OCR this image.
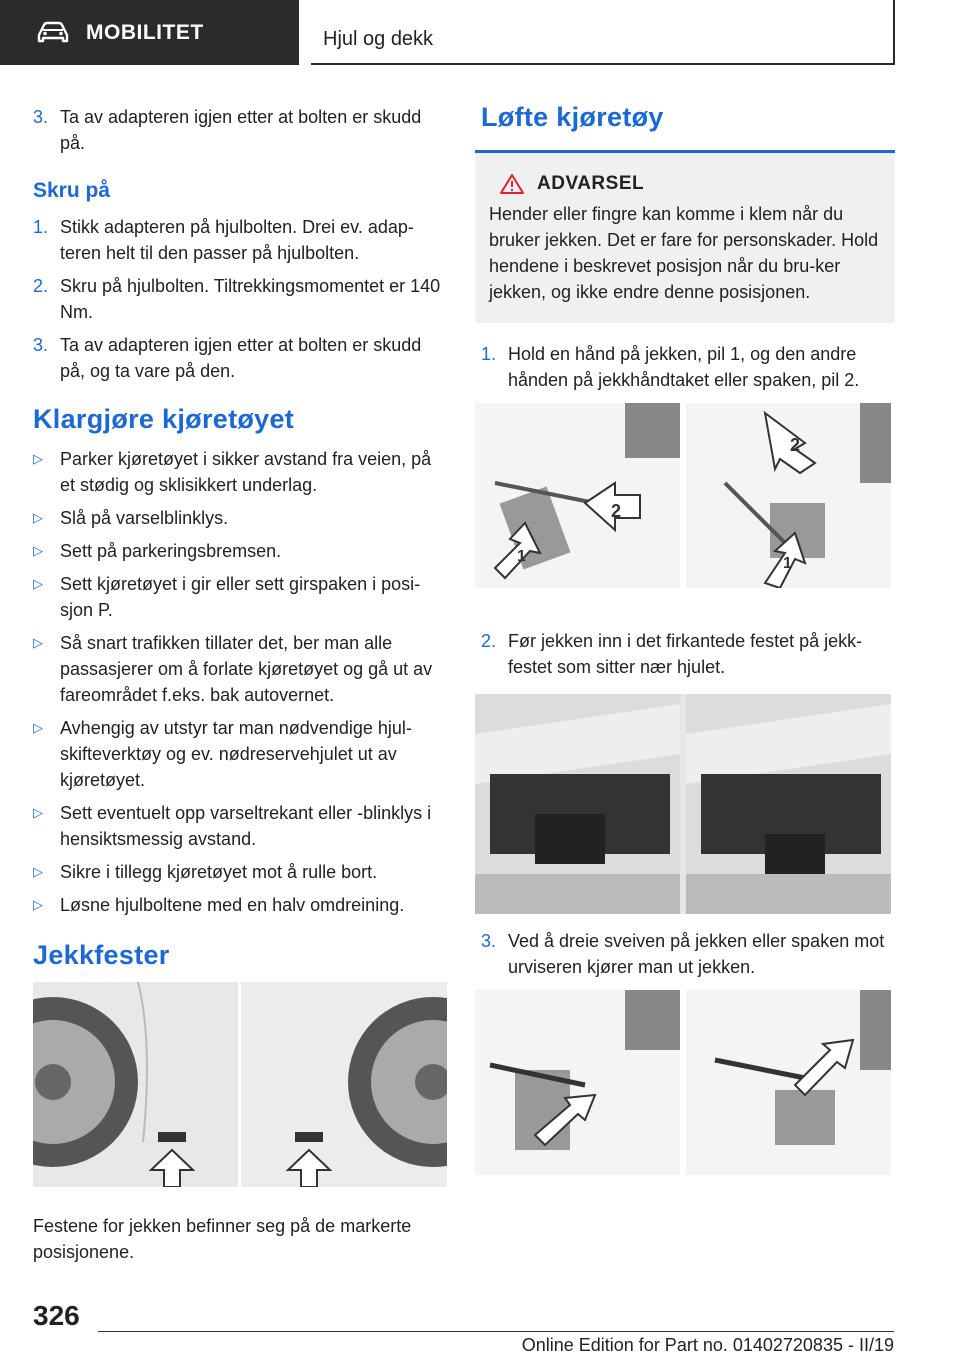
MOBILITET	Hjul og dekk
3. Ta av adapteren igjen etter at bolten er skudd på.
Skru på
1. Stikk adapteren på hjulbolten. Drei ev. adap‐teren helt til den passer på hjulbolten.
2. Skru på hjulbolten. Tiltrekkingsmomentet er 140 Nm.
3. Ta av adapteren igjen etter at bolten er skudd på, og ta vare på den.
Klargjøre kjøretøyet
▷ Parker kjøretøyet i sikker avstand fra veien, på et stødig og sklisikkert underlag.
▷ Slå på varselblinklys.
▷ Sett på parkeringsbremsen.
▷ Sett kjøretøyet i gir eller sett girspaken i posi‐sjon P.
▷ Så snart trafikken tillater det, ber man alle passasjerer om å forlate kjøretøyet og gå ut av fareområdet f.eks. bak autovernet.
▷ Avhengig av utstyr tar man nødvendige hjul‐skifteverktøy og ev. nødreservehjulet ut av kjøretøyet.
▷ Sett eventuelt opp varseltrekant eller -blinklys i hensiktsmessig avstand.
▷ Sikre i tillegg kjøretøyet mot å rulle bort.
▷ Løsne hjulboltene med en halv omdreining.
Jekkfester
Festene for jekken befinner seg på de markerte posisjonene.
Løfte kjøretøy
ADVARSEL
Hender eller fingre kan komme i klem når du bruker jekken. Det er fare for personskader. Hold hendene i beskrevet posisjon når du bru‐ker jekken, og ikke endre denne posisjonen.
1. Hold en hånd på jekken, pil 1, og den andre hånden på jekkhåndtaket eller spaken, pil 2.
1
2
2
1
2. Før jekken inn i det firkantede festet på jekk‐festet som sitter nær hjulet.
3. Ved å dreie sveiven på jekken eller spaken mot urviseren kjører man ut jekken.
326
Online Edition for Part no. 01402720835 - II/19
